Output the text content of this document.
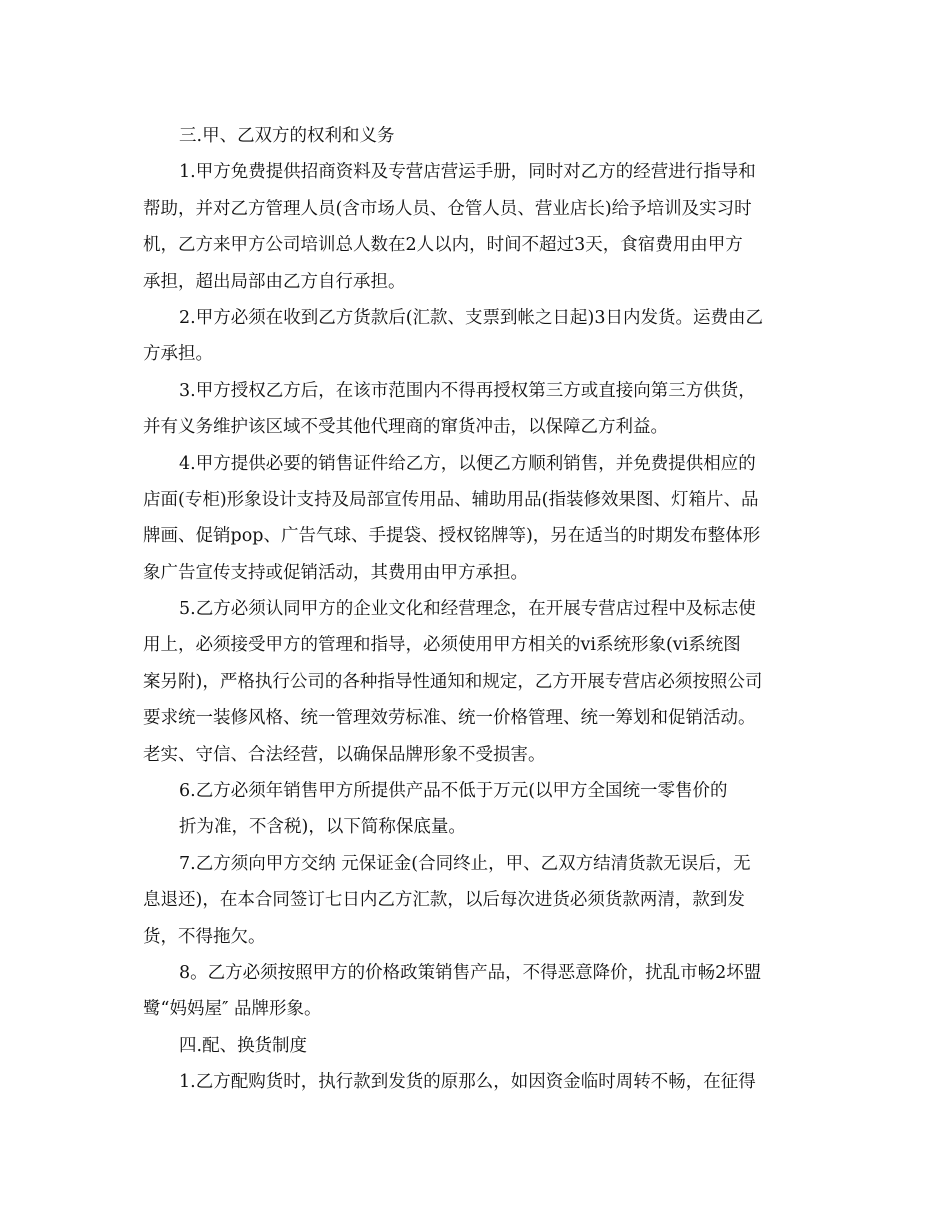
三.甲、乙双方的权利和义务
1.甲方免费提供招商资料及专营店营运手册，同时对乙方的经营进行指导和
帮助，并对乙方管理人员(含市场人员、仓管人员、营业店长)给予培训及实习时
机，乙方来甲方公司培训总人数在2人以内，时间不超过3天，食宿费用由甲方
承担，超出局部由乙方自行承担。
2.甲方必须在收到乙方货款后(汇款、支票到帐之日起)3日内发货。运费由乙
方承担。
3.甲方授权乙方后，在该市范围内不得再授权第三方或直接向第三方供货，
并有义务维护该区域不受其他代理商的窜货冲击，以保障乙方利益。
4.甲方提供必要的销售证件给乙方，以便乙方顺利销售，并免费提供相应的
店面(专柜)形象设计支持及局部宣传用品、辅助用品(指装修效果图、灯箱片、品
牌画、促销pop、广告气球、手提袋、授权铭牌等)，另在适当的时期发布整体形
象广告宣传支持或促销活动，其费用由甲方承担。
5.乙方必须认同甲方的企业文化和经营理念，在开展专营店过程中及标志使
用上，必须接受甲方的管理和指导，必须使用甲方相关的vi系统形象(vi系统图
案另附)，严格执行公司的各种指导性通知和规定，乙方开展专营店必须按照公司
要求统一装修风格、统一管理效劳标准、统一价格管理、统一筹划和促销活动。
老实、守信、合法经营，以确保品牌形象不受损害。
6.乙方必须年销售甲方所提供产品不低于万元(以甲方全国统一零售价的
折为准，不含税)，以下简称保底量。
7.乙方须向甲方交纳 元保证金(合同终止，甲、乙双方结清货款无误后，无
息退还)，在本合同签订七日内乙方汇款，以后每次进货必须货款两清，款到发
货，不得拖欠。
8。乙方必须按照甲方的价格政策销售产品，不得恶意降价，扰乱市畅2坏盟
鹭“妈妈屋″ 品牌形象。
四.配、换货制度
1.乙方配购货时，执行款到发货的原那么，如因资金临时周转不畅，在征得
